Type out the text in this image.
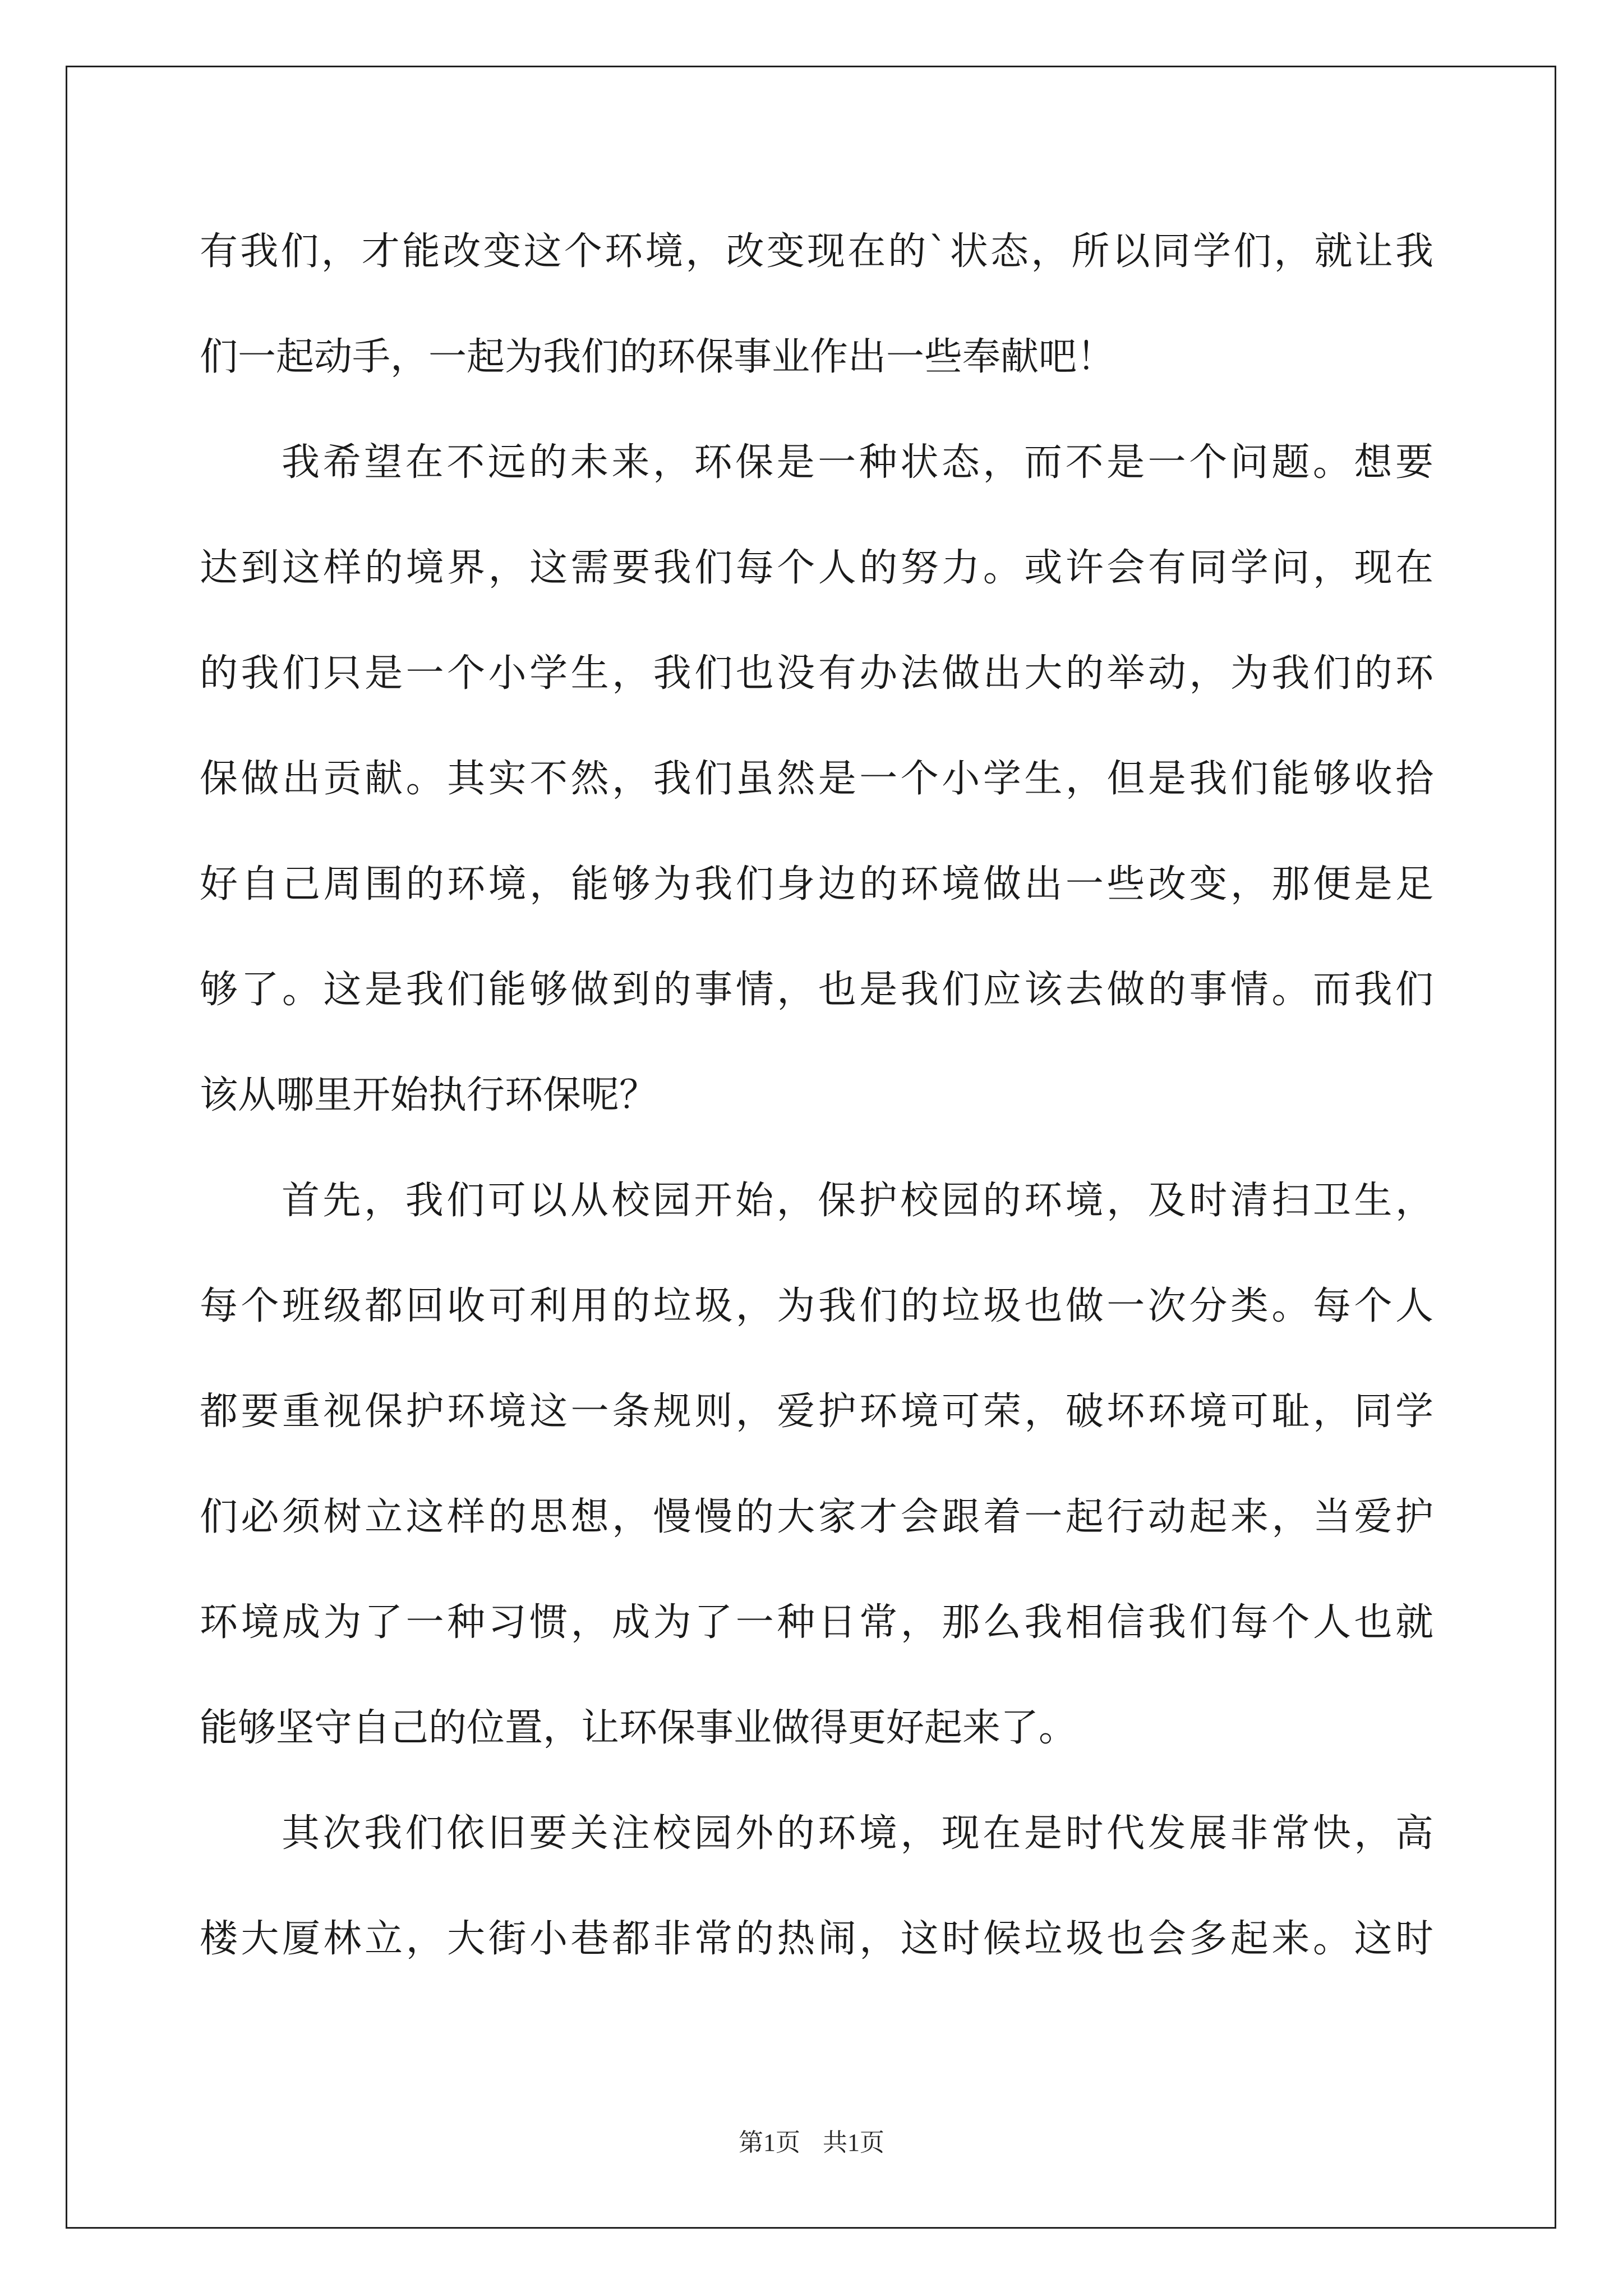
有我们，才能改变这个环境，改变现在的`状态，所以同学们，就让我
们一起动手，一起为我们的环保事业作出一些奉献吧！
我希望在不远的未来，环保是一种状态，而不是一个问题。想要
达到这样的境界，这需要我们每个人的努力。或许会有同学问，现在
的我们只是一个小学生，我们也没有办法做出大的举动，为我们的环
保做出贡献。其实不然，我们虽然是一个小学生，但是我们能够收拾
好自己周围的环境，能够为我们身边的环境做出一些改变，那便是足
够了。这是我们能够做到的事情，也是我们应该去做的事情。而我们
该从哪里开始执行环保呢？
首先，我们可以从校园开始，保护校园的环境，及时清扫卫生，
每个班级都回收可利用的垃圾，为我们的垃圾也做一次分类。每个人
都要重视保护环境这一条规则，爱护环境可荣，破坏环境可耻，同学
们必须树立这样的思想，慢慢的大家才会跟着一起行动起来，当爱护
环境成为了一种习惯，成为了一种日常，那么我相信我们每个人也就
能够坚守自己的位置，让环保事业做得更好起来了。
其次我们依旧要关注校园外的环境，现在是时代发展非常快，高
楼大厦林立，大街小巷都非常的热闹，这时候垃圾也会多起来。这时
第1页 共1页
